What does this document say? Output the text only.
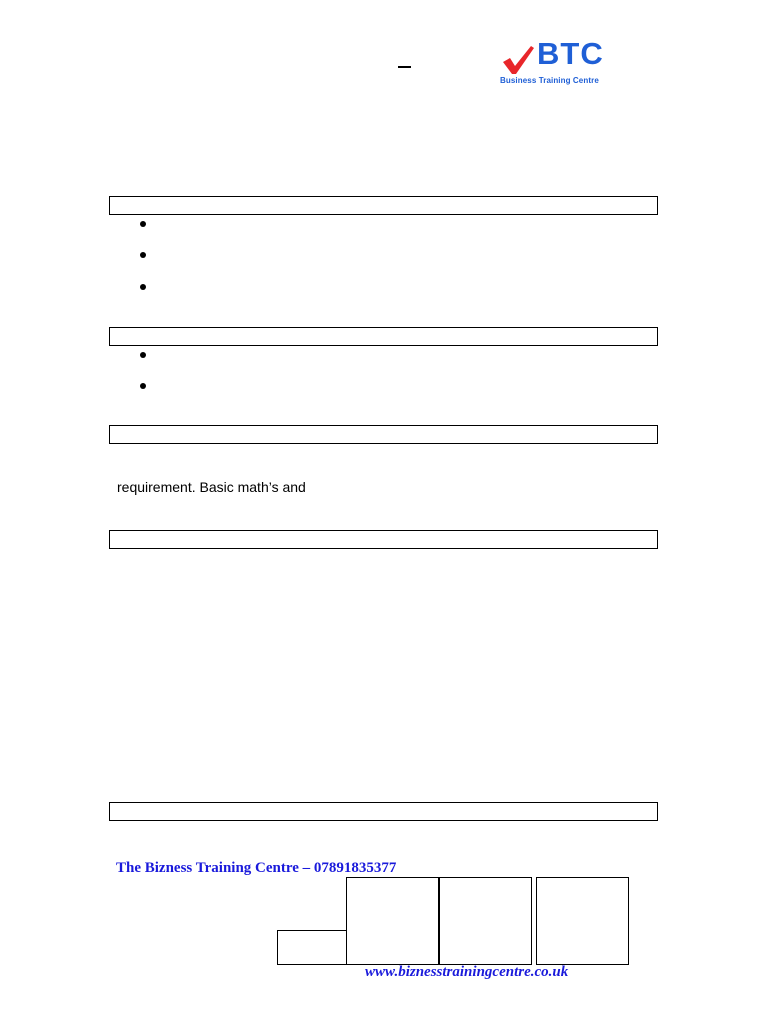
BTC
Business Training Centre
requirement. Basic math’s and
The Bizness Training Centre – 07891835377
www.biznesstrainingcentre.co.uk
